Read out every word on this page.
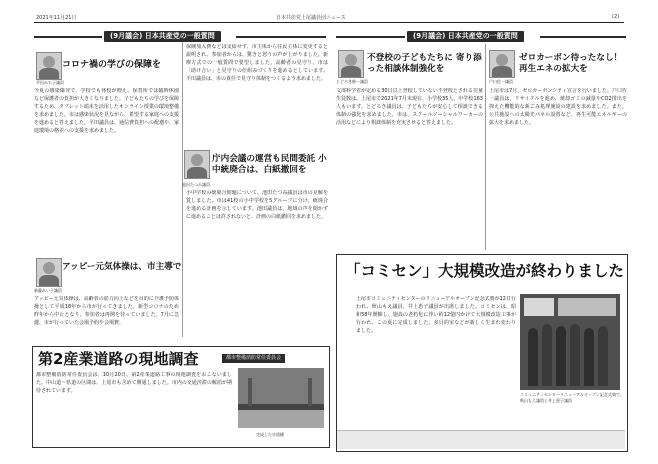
2021年11月21日	日本共産党上尾議員団ニュース	(2)
(9月議会) 日本共産党の一般質問
平田みち子議員
コロナ禍の学びの保障を
今夏の感染爆発で、学校でも休校が増え、保育所では臨時休園など保護者の負担が大きくなりました。子どもたちの学びを保障するため、タブレット端末を活用したオンライン授業の環境整備を求めました。市は感染状況を見ながら、希望する家庭への支援を進めると答えました。平田議員は、通信費負担への配慮や、家庭環境の格差への支援を求めました。
保険加入費などは支給せず、市主体から住民主体に変更すると説明され、参加者からは、驚きと怒りの声が上がりました。新療方式での一般質問で要望しました。高齢者の見守り、市は「助け合い」と見守りの仕組みづくりを進めるとしています。平田議員は、市の責任で見守り体制をつくるよう求めました。
池田たつみ議員
庁内会議の運営も民間委託 小中統廃合は、白紙撤回を
小中学校の統廃合問題について、池田たつみ議員は市の見解を質しました。市は41校の小中学校を5グループに分け、統廃合を進める計画を示しています。池田議員は、地域の声を聞かずに進めることは許されないと、計画の白紙撤回を求めました。
新藤れい子議員
アッピー元気体操は、市主導で
アッピー元気体操は、高齢者の筋力向上などを目的に介護予防体操として平成18年から市が行ってきました。新型コロナのため昨年から中止となり、参加者は再開を待っていました。7月に急遽、市が行っていた会場予約や会場費、
第2産業道路の現地調査	都市整備消防常任委員会
都市整備消防常任委員会は、10月20日、第2産業道路工事の現地調査をおこないました。中山道～県道の区間は、上尾市も含めて開通しました。市内の交通渋滞の解消が期待されています。
完成した歩道橋
(9月議会) 日本共産党の一般質問
とどろき修一議員
不登校の子どもたちに 寄り添った相談体制強化を
文部科学省が定める30日以上登校していない不登校とされる児童生徒数は、上尾市で2021年7月末現在、小学校35人、中学校163人もいます。とどろき議員は、子どもたちが安心して相談できる体制の強化を求めました。市は、スクールソーシャルワーカーの活用などにより相談体制を充実させると答えました。
戸口佐一議員
ゼロカーボン待ったなし！ 再生エネの拡大を
上尾市は7月、ゼロカーボンシティ宣言を行いました。戸口佐一議員は、リサイクルを進め、焼却ゴミの減量やCO2排出を抑えた機能的な新ごみ処理施設の建設を求めました。また、公共施設への太陽光パネル設置など、再生可能エネルギーの拡大を求めました。
「コミセン」大規模改造が終わりました
上尾市コミュニティセンターのリニューアルオープン記念式典が12日行われ、秋山もえ議員、井上恵子議員が出席しました。コミセンは、昭和58年開館し、施設の老朽化に伴い約12億円かけて大規模改造工事が行われ、この夏に完成しました。多目的室などが新しく生まれ変わりました。
コミュニティセンターリニューアルオープン記念式典で。秋山もえ議員と井上恵子議員
